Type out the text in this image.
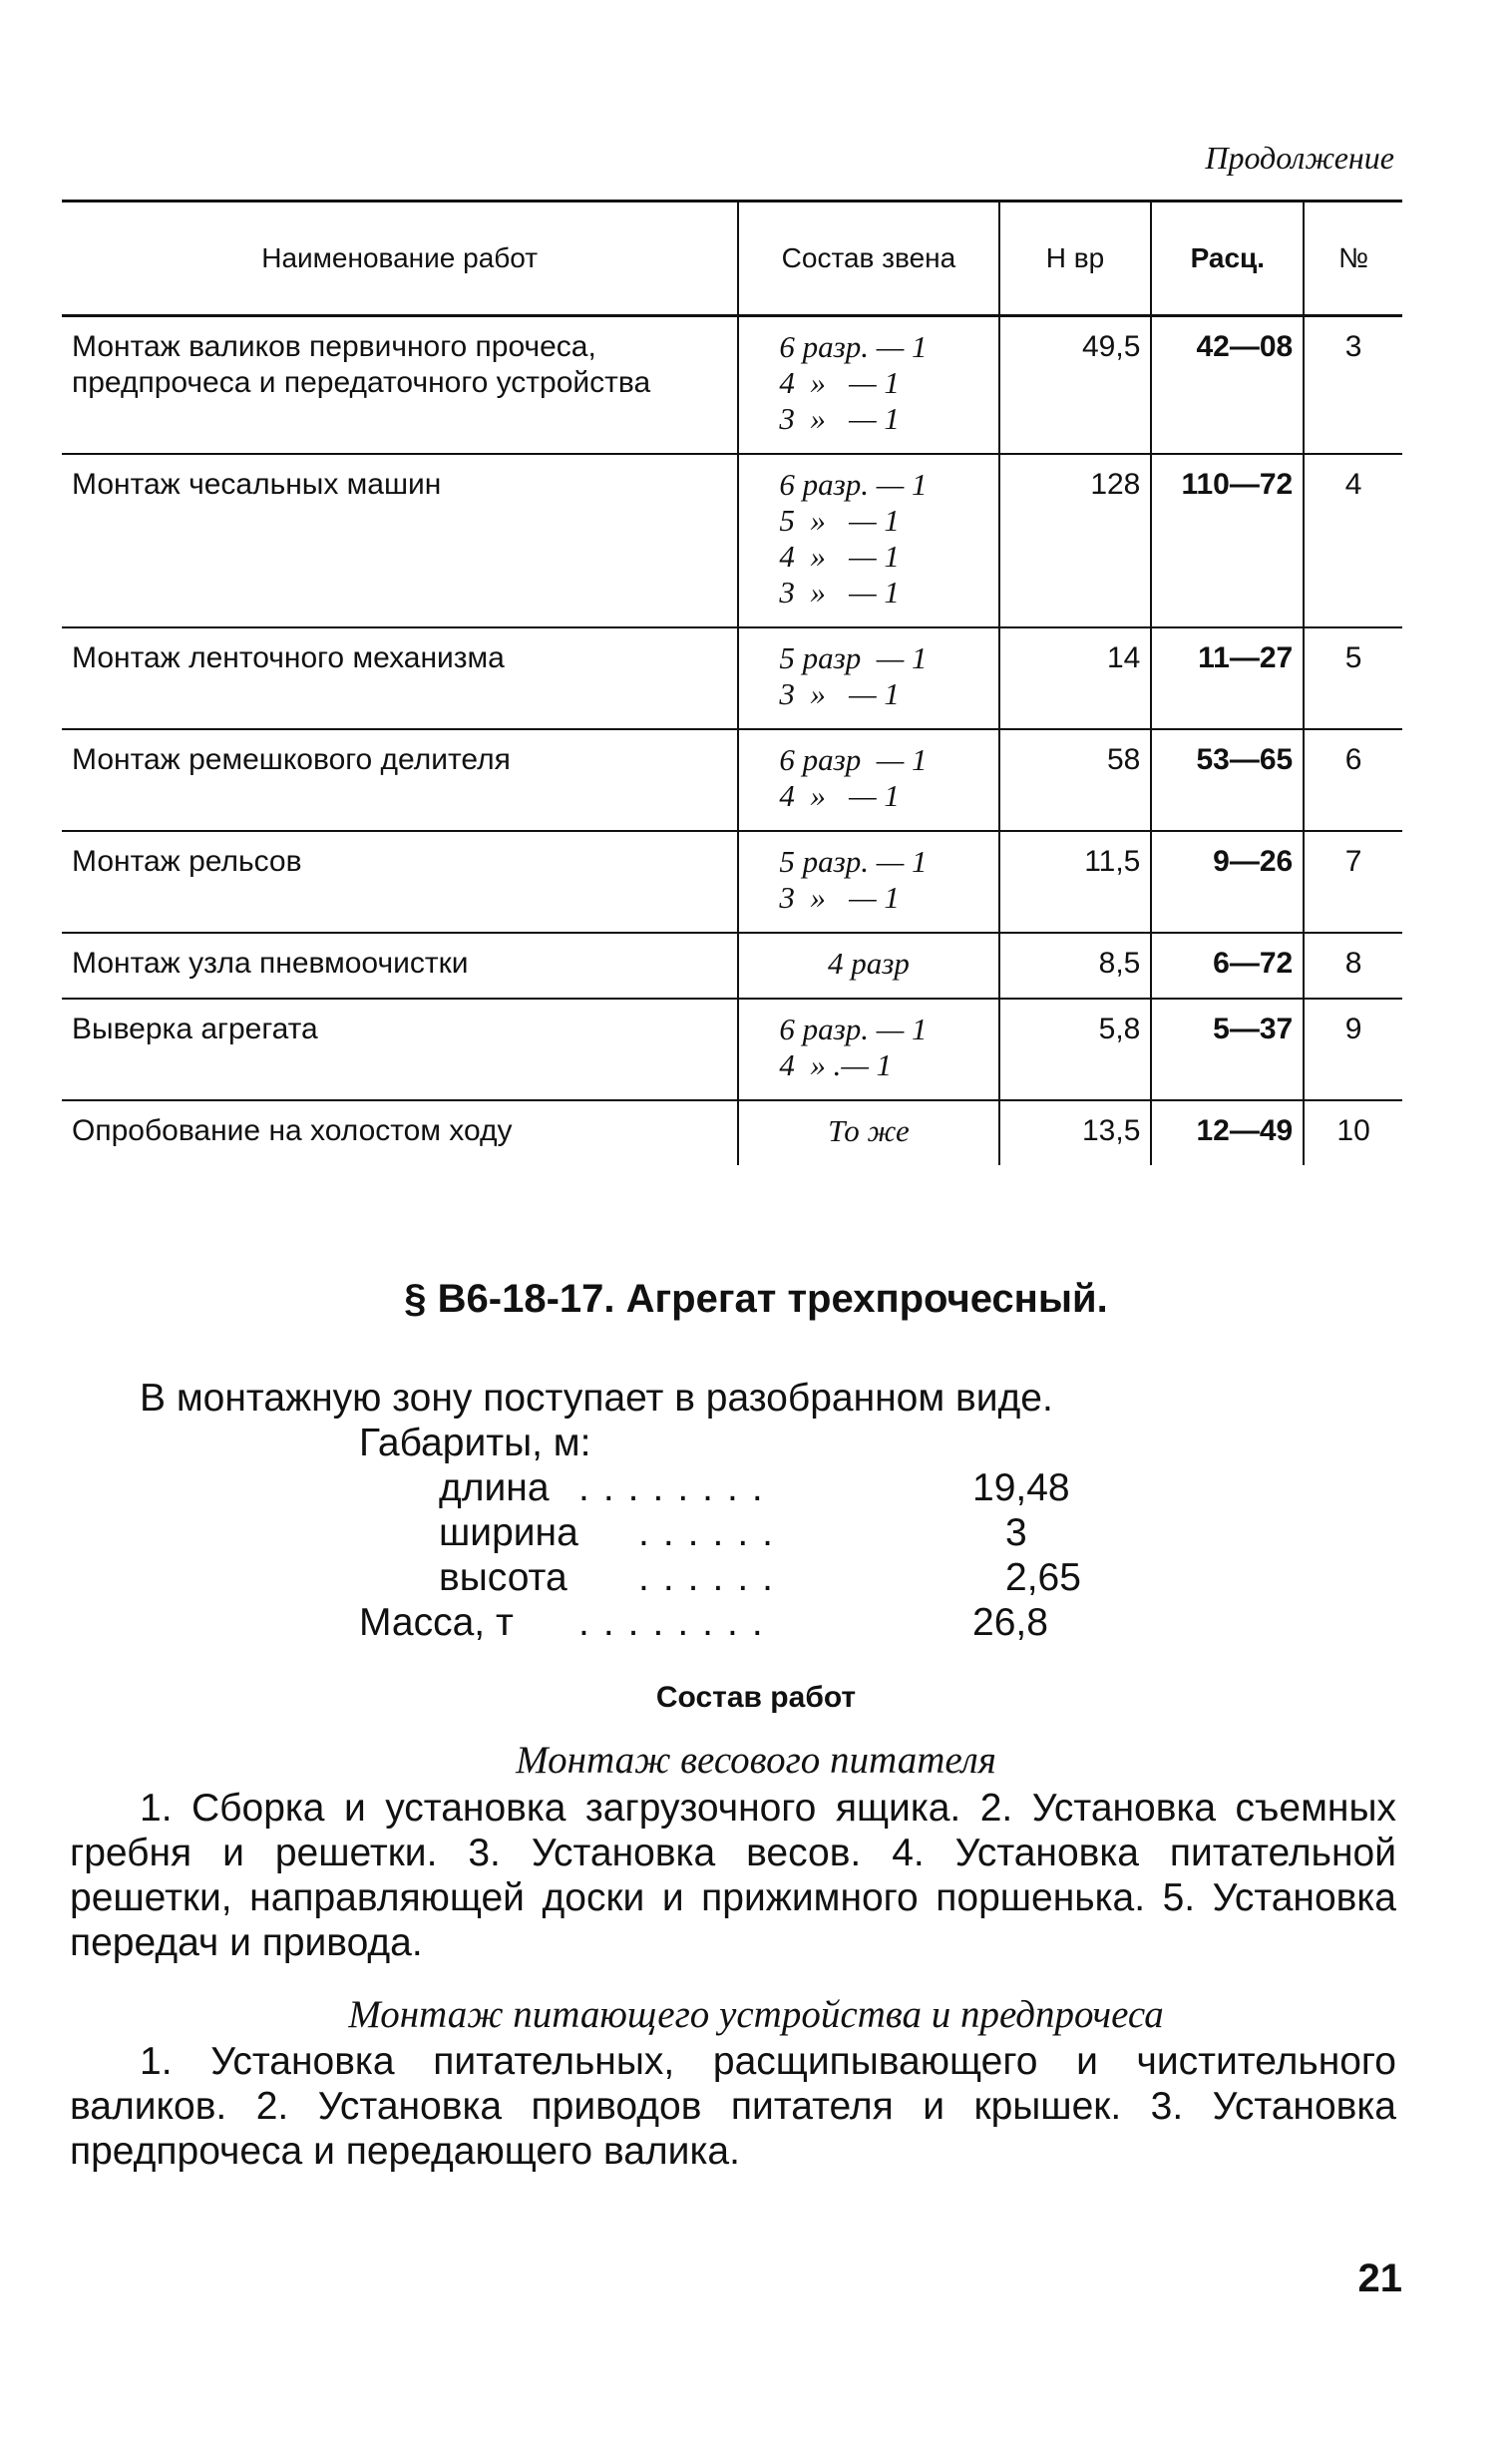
Продолжение
Наименование работ	Состав звена	Н вр	Расц.	№
Монтаж валиков первичного прочеса, предпрочеса и передаточного устройства	6 разр. — 1
4  »   — 1
3  »   — 1	49,5	42—08	3
Монтаж чесальных машин	6 разр. — 1
5  »   — 1
4  »   — 1
3  »   — 1	128	110—72	4
Монтаж ленточного механизма	5 разр  — 1
3  »   — 1	14	11—27	5
Монтаж ремешкового делителя	6 разр  — 1
4  »   — 1	58	53—65	6
Монтаж рельсов	5 разр. — 1
3  »   — 1	11,5	9—26	7
Монтаж узла пневмоочистки	4 разр	8,5	6—72	8
Выверка агрегата	6 разр. — 1
4  » .— 1	5,8	5—37	9
Опробование на холостом ходу	То же	13,5	12—49	10
§ В6-18-17. Агрегат трехпрочесный.
В монтажную зону поступает в разобранном виде.
Габариты, м:
длина ........	19,48
ширина ......	3
высота ......	2,65
Масса, т ........	26,8
Состав работ
Монтаж весового питателя
1. Сборка и установка загрузочного ящика. 2. Установка съемных гребня и решетки. 3. Установка весов. 4. Установка питательной решетки, направляющей доски и прижимного поршенька. 5. Установка передач и привода.
Монтаж питающего устройства и предпрочеса
1. Установка питательных, расщипывающего и чистительного валиков. 2. Установка приводов питателя и крышек. 3. Установка предпрочеса и передающего валика.
21
